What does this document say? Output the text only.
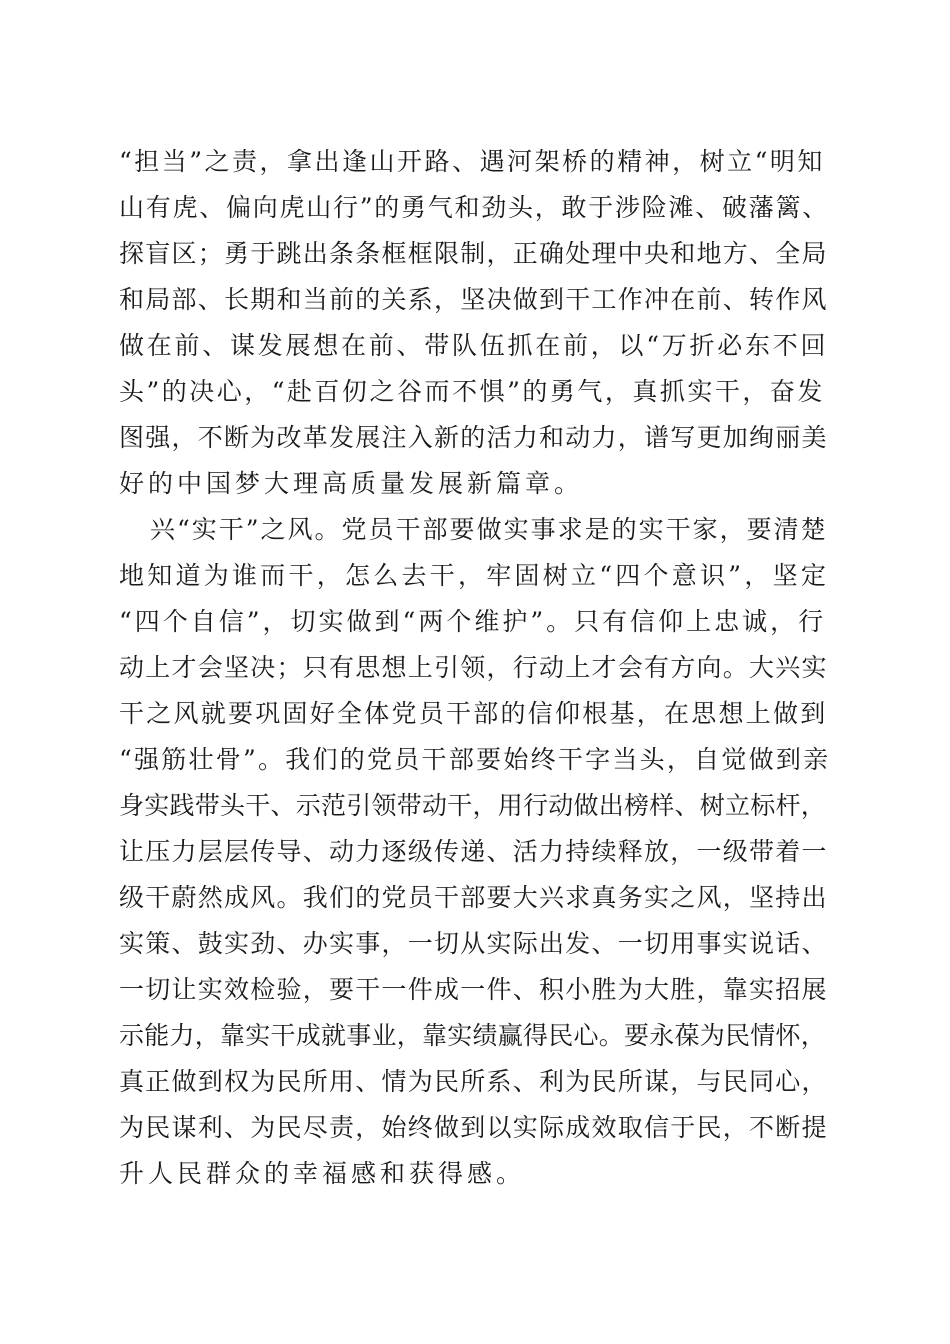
“担当”之责，拿出逢山开路、遇河架桥的精神，树立“明知
山有虎、偏向虎山行”的勇气和劲头，敢于涉险滩、破藩篱、
探盲区；勇于跳出条条框框限制，正确处理中央和地方、全局
和局部、长期和当前的关系，坚决做到干工作冲在前、转作风
做在前、谋发展想在前、带队伍抓在前，以“万折必东不回
头”的决心，“赴百仞之谷而不惧”的勇气，真抓实干，奋发
图强，不断为改革发展注入新的活力和动力，谱写更加绚丽美
好的中国梦大理高质量发展新篇章。
兴“实干”之风。党员干部要做实事求是的实干家，要清楚
地知道为谁而干，怎么去干，牢固树立“四个意识”，坚定
“四个自信”，切实做到“两个维护”。只有信仰上忠诚，行
动上才会坚决；只有思想上引领，行动上才会有方向。大兴实
干之风就要巩固好全体党员干部的信仰根基，在思想上做到
“强筋壮骨”。我们的党员干部要始终干字当头，自觉做到亲
身实践带头干、示范引领带动干，用行动做出榜样、树立标杆，
让压力层层传导、动力逐级传递、活力持续释放，一级带着一
级干蔚然成风。我们的党员干部要大兴求真务实之风，坚持出
实策、鼓实劲、办实事，一切从实际出发、一切用事实说话、
一切让实效检验，要干一件成一件、积小胜为大胜，靠实招展
示能力，靠实干成就事业，靠实绩赢得民心。要永葆为民情怀，
真正做到权为民所用、情为民所系、利为民所谋，与民同心，
为民谋利、为民尽责，始终做到以实际成效取信于民，不断提
升人民群众的幸福感和获得感。
